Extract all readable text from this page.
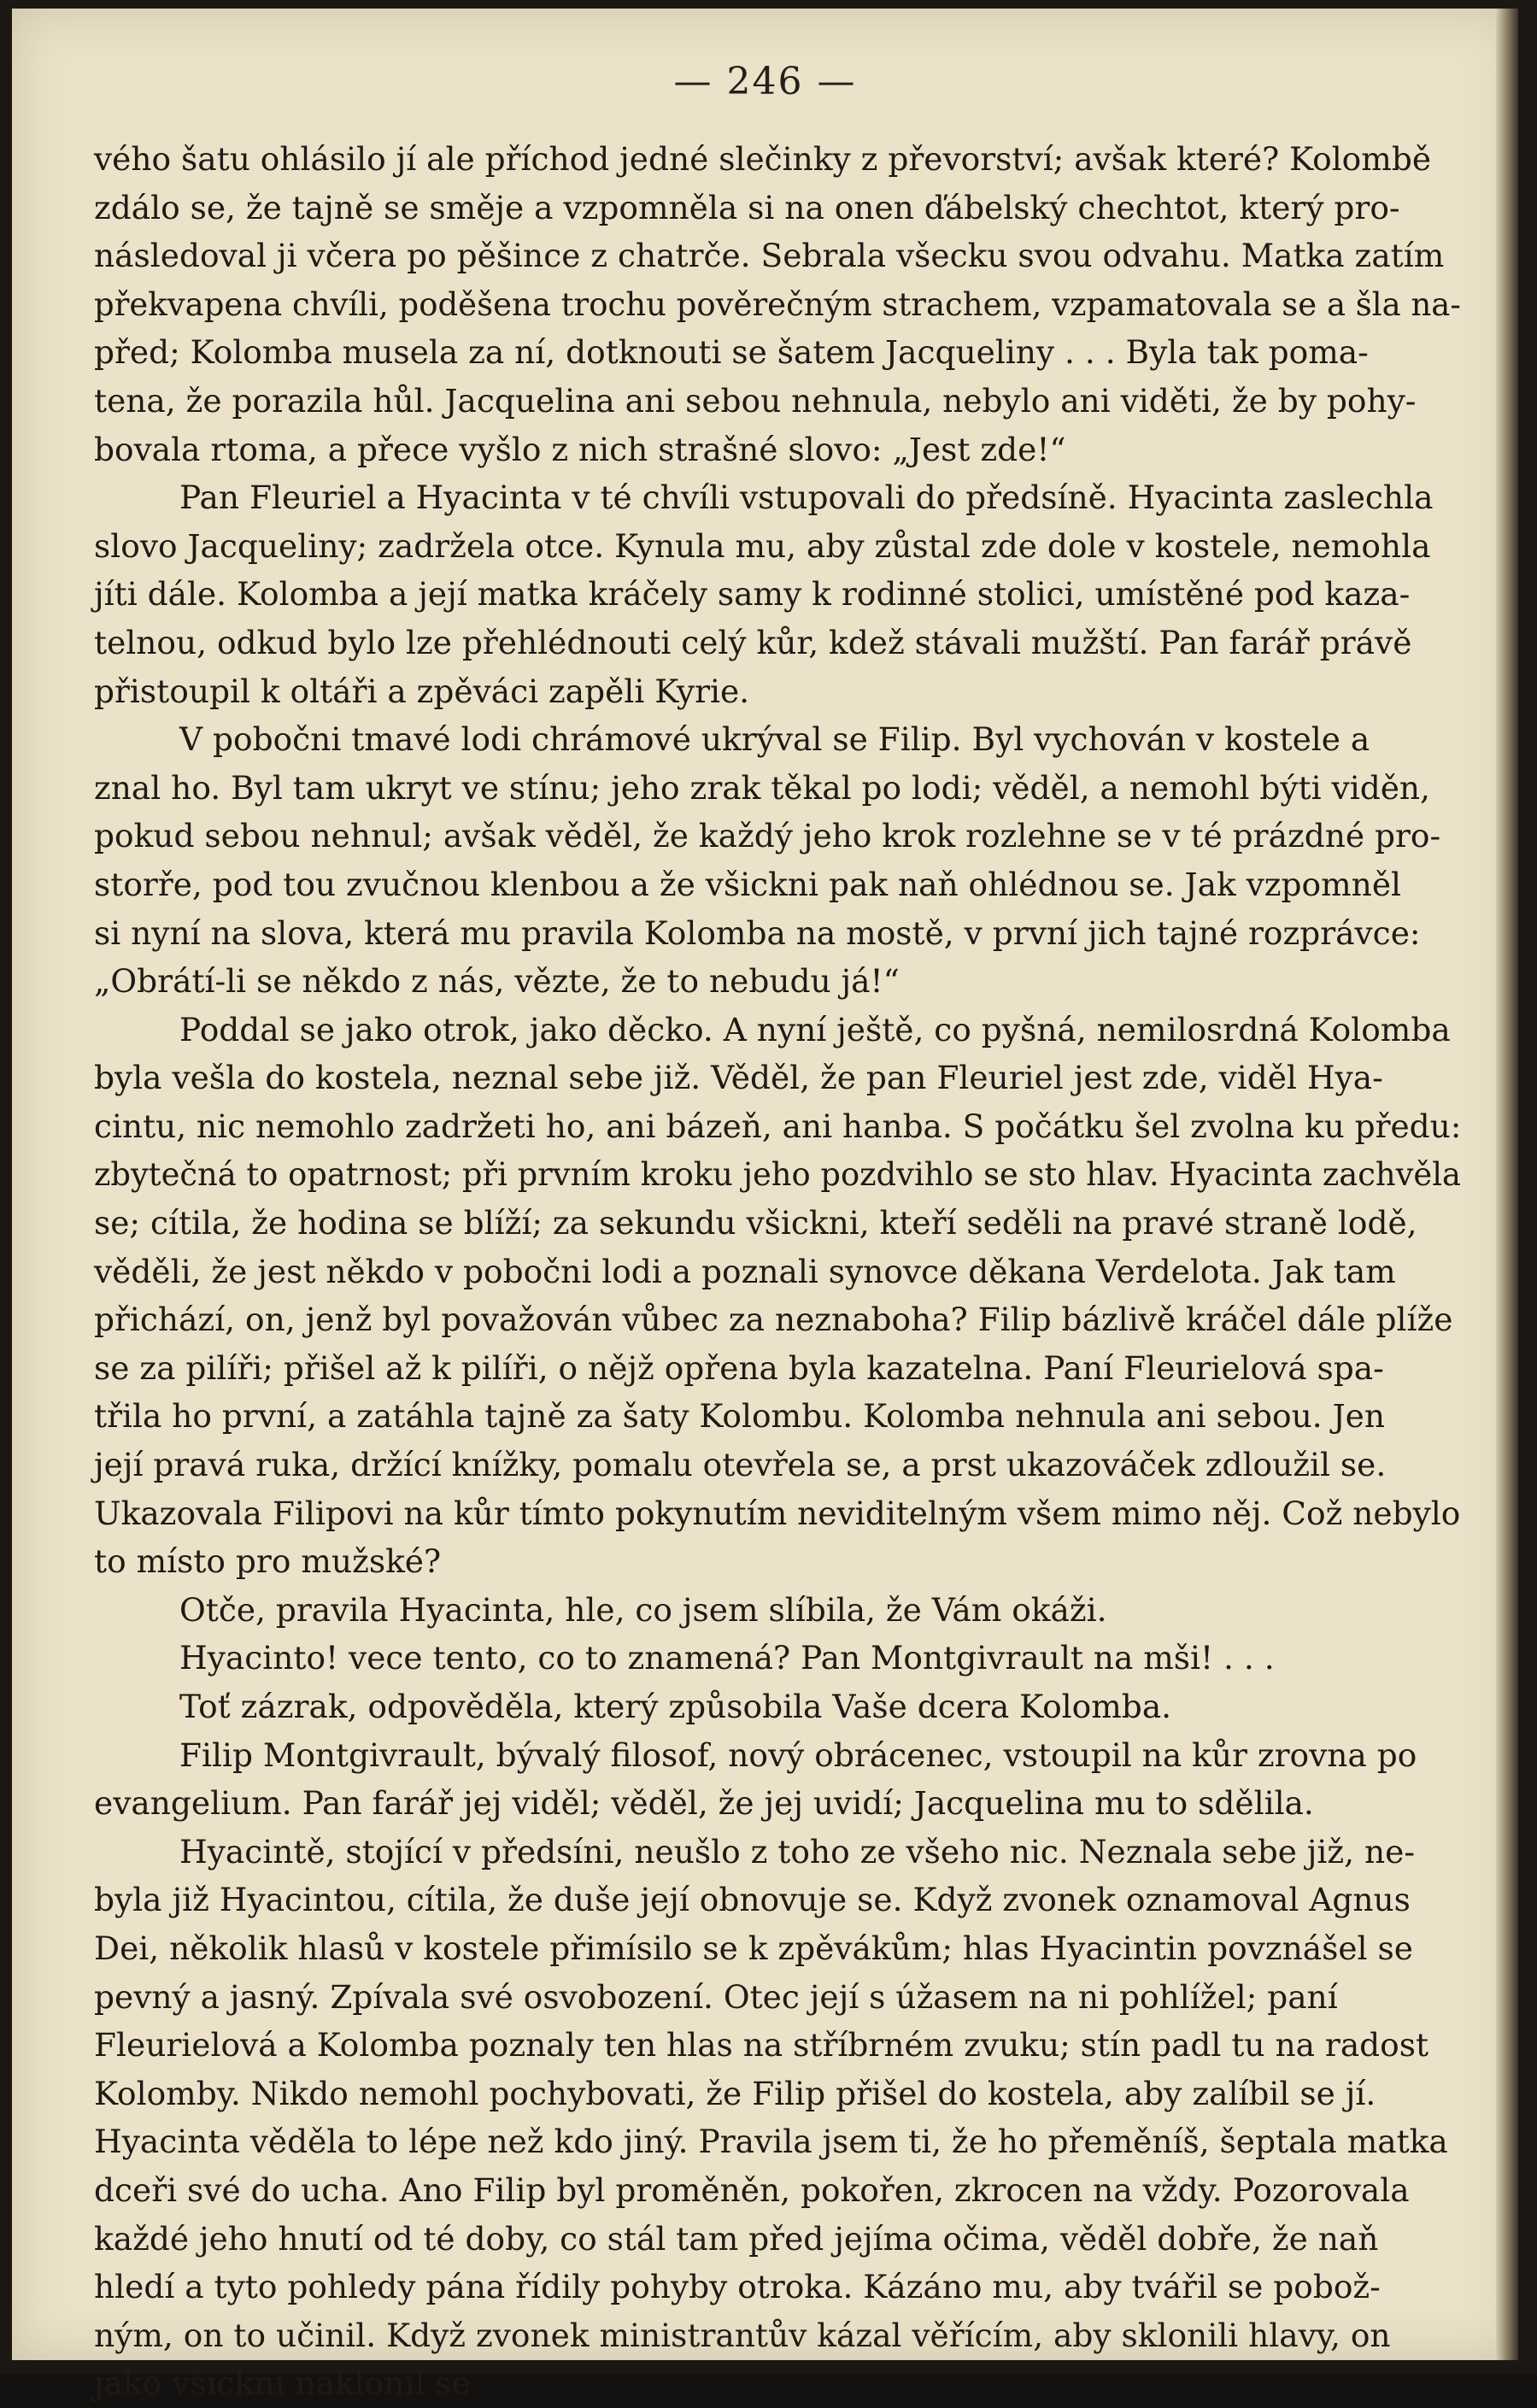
— 246 —

vého šatu ohlásilo jí ale příchod jedné slečinky z převorství; avšak které? Kolombě
zdálo se, že tajně se směje a vzpomněla si na onen ďábelský chechtot, který pro-
následoval ji včera po pěšince z chatrče. Sebrala všecku svou odvahu. Matka zatím
překvapena chvíli, poděšena trochu pověrečným strachem, vzpamatovala se a šla na-
před; Kolomba musela za ní, dotknouti se šatem Jacqueliny . . . Byla tak poma-
tena, že porazila hůl. Jacquelina ani sebou nehnula, nebylo ani viděti, že by pohy-
bovala rtoma, a přece vyšlo z nich strašné slovo: „Jest zde!“

Pan Fleuriel a Hyacinta v té chvíli vstupovali do předsíně. Hyacinta zaslechla
slovo Jacqueliny; zadržela otce. Kynula mu, aby zůstal zde dole v kostele, nemohla
jíti dále. Kolomba a její matka kráčely samy k rodinné stolici, umístěné pod kaza-
telnou, odkud bylo lze přehlédnouti celý kůr, kdež stávali mužští. Pan farář právě
přistoupil k oltáři a zpěváci zapěli Kyrie.

V pobočni tmavé lodi chrámové ukrýval se Filip. Byl vychován v kostele a
znal ho. Byl tam ukryt ve stínu; jeho zrak těkal po lodi; věděl, a nemohl býti viděn,
pokud sebou nehnul; avšak věděl, že každý jeho krok rozlehne se v té prázdné pro-
storře, pod tou zvučnou klenbou a že všickni pak naň ohlédnou se. Jak vzpomněl
si nyní na slova, která mu pravila Kolomba na mostě, v první jich tajné rozprávce:
„Obrátí-li se někdo z nás, vězte, že to nebudu já!“

Poddal se jako otrok, jako děcko. A nyní ještě, co pyšná, nemilosrdná Kolomba
byla vešla do kostela, neznal sebe již. Věděl, že pan Fleuriel jest zde, viděl Hya-
cintu, nic nemohlo zadržeti ho, ani bázeň, ani hanba. S počátku šel zvolna ku předu:
zbytečná to opatrnost; při prvním kroku jeho pozdvihlo se sto hlav. Hyacinta zachvěla
se; cítila, že hodina se blíží; za sekundu všickni, kteří seděli na pravé straně lodě,
věděli, že jest někdo v pobočni lodi a poznali synovce děkana Verdelota. Jak tam
přichází, on, jenž byl považován vůbec za neznaboha? Filip bázlivě kráčel dále plíže
se za pilíři; přišel až k pilíři, o nějž opřena byla kazatelna. Paní Fleurielová spa-
třila ho první, a zatáhla tajně za šaty Kolombu. Kolomba nehnula ani sebou. Jen
její pravá ruka, držící knížky, pomalu otevřela se, a prst ukazováček zdloužil se.
Ukazovala Filipovi na kůr tímto pokynutím neviditelným všem mimo něj. Což nebylo
to místo pro mužské?

Otče, pravila Hyacinta, hle, co jsem slíbila, že Vám okáži.

Hyacinto! vece tento, co to znamená? Pan Montgivrault na mši! . . .

Toť zázrak, odpověděla, který způsobila Vaše dcera Kolomba.

Filip Montgivrault, bývalý filosof, nový obrácenec, vstoupil na kůr zrovna po
evangelium. Pan farář jej viděl; věděl, že jej uvidí; Jacquelina mu to sdělila.

Hyacintě, stojící v předsíni, neušlo z toho ze všeho nic. Neznala sebe již, ne-
byla již Hyacintou, cítila, že duše její obnovuje se. Když zvonek oznamoval Agnus
Dei, několik hlasů v kostele přimísilo se k zpěvákům; hlas Hyacintin povznášel se
pevný a jasný. Zpívala své osvobození. Otec její s úžasem na ni pohlížel; paní
Fleurielová a Kolomba poznaly ten hlas na stříbrném zvuku; stín padl tu na radost
Kolomby. Nikdo nemohl pochybovati, že Filip přišel do kostela, aby zalíbil se jí.
Hyacinta věděla to lépe než kdo jiný. Pravila jsem ti, že ho přeměníš, šeptala matka
dceři své do ucha. Ano Filip byl proměněn, pokořen, zkrocen na vždy. Pozorovala
každé jeho hnutí od té doby, co stál tam před jejíma očima, věděl dobře, že naň
hledí a tyto pohledy pána řídily pohyby otroka. Kázáno mu, aby tvářil se pobož-
ným, on to učinil. Když zvonek ministrantův kázal věřícím, aby sklonili hlavy, on
jako všickni naklonil se
